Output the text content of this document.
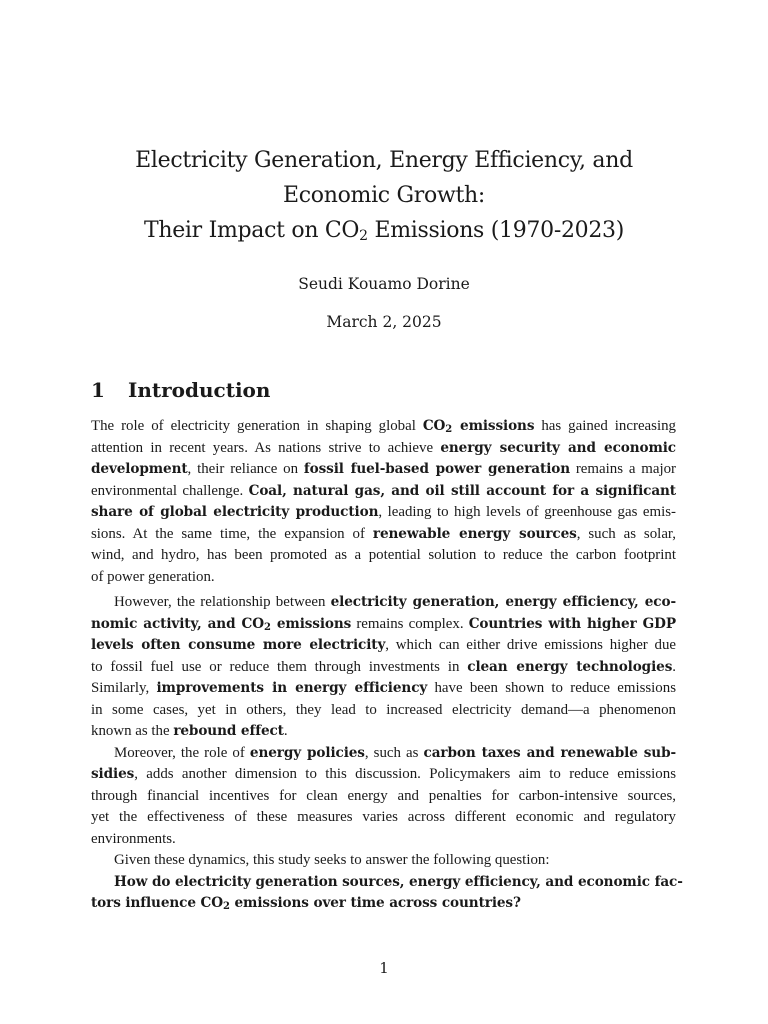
Electricity Generation, Energy Efficiency, and
Economic Growth:
Their Impact on $CO_2$ Emissions (1970-2023)
Seudi Kouamo Dorine
March 2, 2025
1 Introduction
The role of electricity generation in shaping global $CO_2$ emissions has gained increasing
attention in recent years. As nations strive to achieve energy security and economic
development, their reliance on fossil fuel-based power generation remains a major
environmental challenge. Coal, natural gas, and oil still account for a significant
share of global electricity production, leading to high levels of greenhouse gas emis-
sions. At the same time, the expansion of renewable energy sources, such as solar,
wind, and hydro, has been promoted as a potential solution to reduce the carbon footprint
of power generation.
However, the relationship between electricity generation, energy efficiency, eco-
nomic activity, and $CO_2$ emissions remains complex. Countries with higher GDP
levels often consume more electricity, which can either drive emissions higher due
to fossil fuel use or reduce them through investments in clean energy technologies.
Similarly, improvements in energy efficiency have been shown to reduce emissions
in some cases, yet in others, they lead to increased electricity demand—a phenomenon
known as the rebound effect.
Moreover, the role of energy policies, such as carbon taxes and renewable sub-
sidies, adds another dimension to this discussion. Policymakers aim to reduce emissions
through financial incentives for clean energy and penalties for carbon-intensive sources,
yet the effectiveness of these measures varies across different economic and regulatory
environments.
Given these dynamics, this study seeks to answer the following question:
How do electricity generation sources, energy efficiency, and economic fac-
tors influence $CO_2$ emissions over time across countries?
1
